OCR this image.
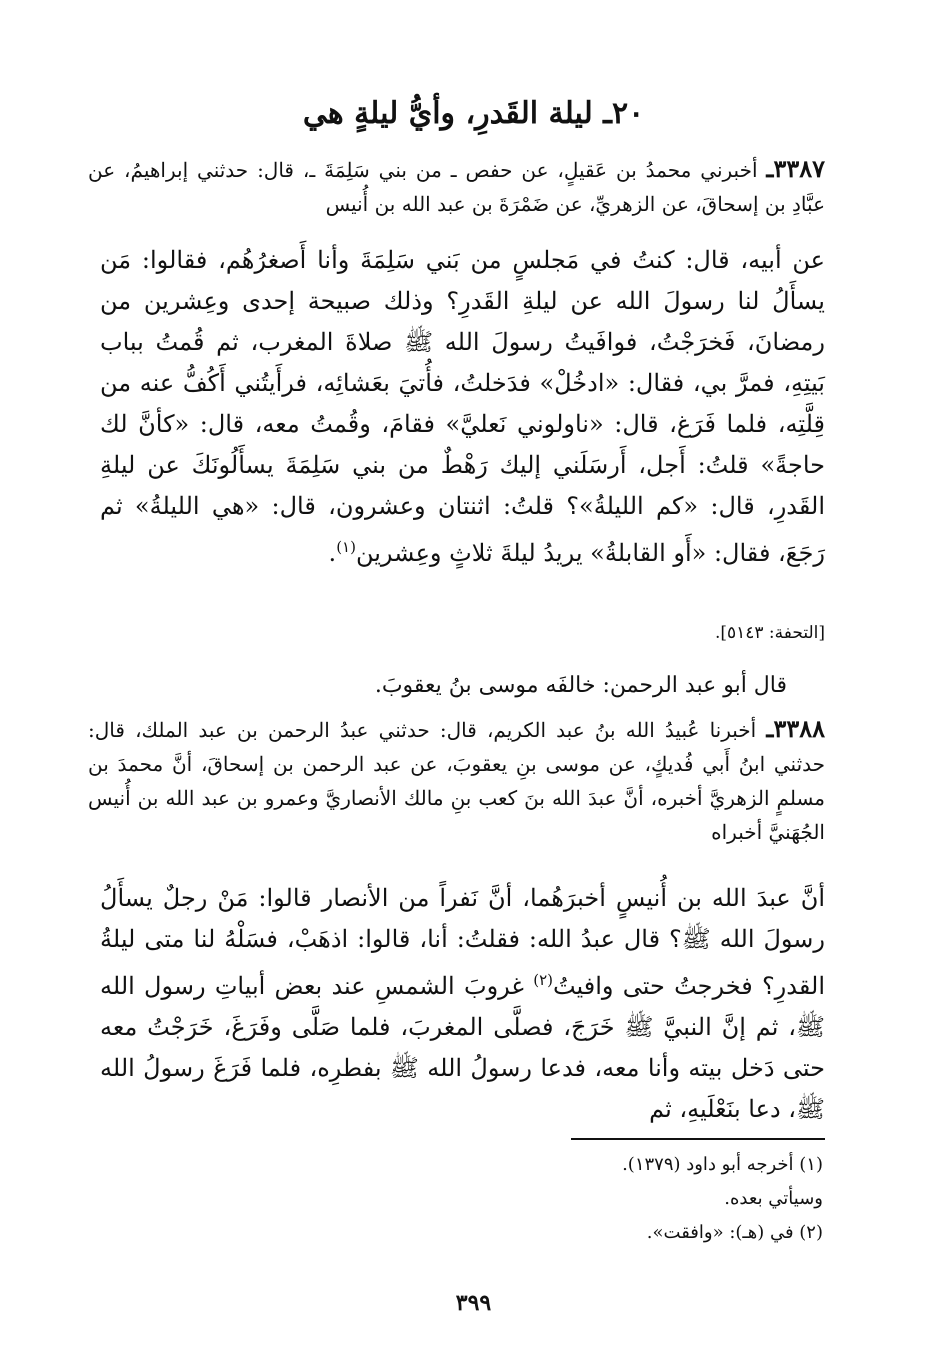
٢٠ـ ليلة القَدرِ، وأيُّ ليلةٍ هي
٣٣٨٧ـ أخبرني محمدُ بن عَقيلٍ، عن حفص ـ من بني سَلِمَةَ ـ، قال: حدثني إبراهيمُ، عن عبَّادِ بن إسحاقَ، عن الزهريِّ، عن ضَمْرَةَ بن عبد الله بن أُنيس
عن أبيه، قال: كنتُ في مَجلسٍ من بَني سَلِمَةَ وأنا أَصغرُهُم، فقالوا: مَن يسأَلُ لنا رسولَ الله عن ليلةِ القَدرِ؟ وذلك صبيحة إحدى وعِشرين من رمضانَ، فَخرَجْتُ، فوافَيتُ رسولَ الله ﷺ صلاةَ المغرب، ثم قُمتُ بباب بَيتِهِ، فمرَّ بي، فقال: «ادخُلْ» فدَخلتُ، فأُتيَ بعَشائِه، فرأَيتُني أَكُفُّ عنه من قِلَّتِه، فلما فَرَغ، قال: «ناولوني نَعليَّ» فقامَ، وقُمتُ معه، قال: «كأنَّ لك حاجةً» قلتُ: أَجل، أَرسَلَني إليك رَهْطٌ من بني سَلِمَةَ يسأَلُونَكَ عن ليلةِ القَدرِ، قال: «كم الليلةُ»؟ قلتُ: اثنتان وعشرون، قال: «هي الليلةُ» ثم رَجَعَ، فقال: «أَو القابلةُ» يريدُ ليلةَ ثلاثٍ وعِشرين$^{(١)}$.
[التحفة: ٥١٤٣].
قال أبو عبد الرحمن: خالفَه موسى بنُ يعقوبَ.
٣٣٨٨ـ أخبرنا عُبيدُ الله بنُ عبد الكريم، قال: حدثني عبدُ الرحمن بن عبد الملك، قال: حدثني ابنُ أَبي فُديكٍ، عن موسى بنِ يعقوبَ، عن عبد الرحمن بن إسحاقَ، أنَّ محمدَ بن مسلمٍ الزهريَّ أخبره، أنَّ عبدَ الله بنَ كعب بنِ مالك الأنصاريَّ وعمرو بن عبد الله بن أُنيس الجُهَنيَّ أخبراه
أنَّ عبدَ الله بن أُنيسٍ أخبرَهُما، أنَّ نَفراً من الأنصار قالوا: مَنْ رجلٌ يسأَلُ رسولَ الله ﷺ؟ قال عبدُ الله: فقلتُ: أنا، قالوا: اذهَبْ، فسَلْهُ لنا متى ليلةُ القدرِ؟ فخرجتُ حتى وافيتُ$^{(٢)}$ غروبَ الشمسِ عند بعض أبياتِ رسول الله ﷺ، ثم إنَّ النبيَّ ﷺ خَرَجَ، فصلَّى المغربَ، فلما صَلَّى وفَرَغَ، خَرَجْتُ معه حتى دَخل بيته وأنا معه، فدعا رسولُ الله ﷺ بفطرِه، فلما فَرَغَ رسولُ الله ﷺ، دعا بنَعْلَيهِ، ثم
(١) أخرجه أبو داود (١٣٧٩).
وسيأتي بعده.
(٢) في (هـ): «وافقت».
٣٩٩
